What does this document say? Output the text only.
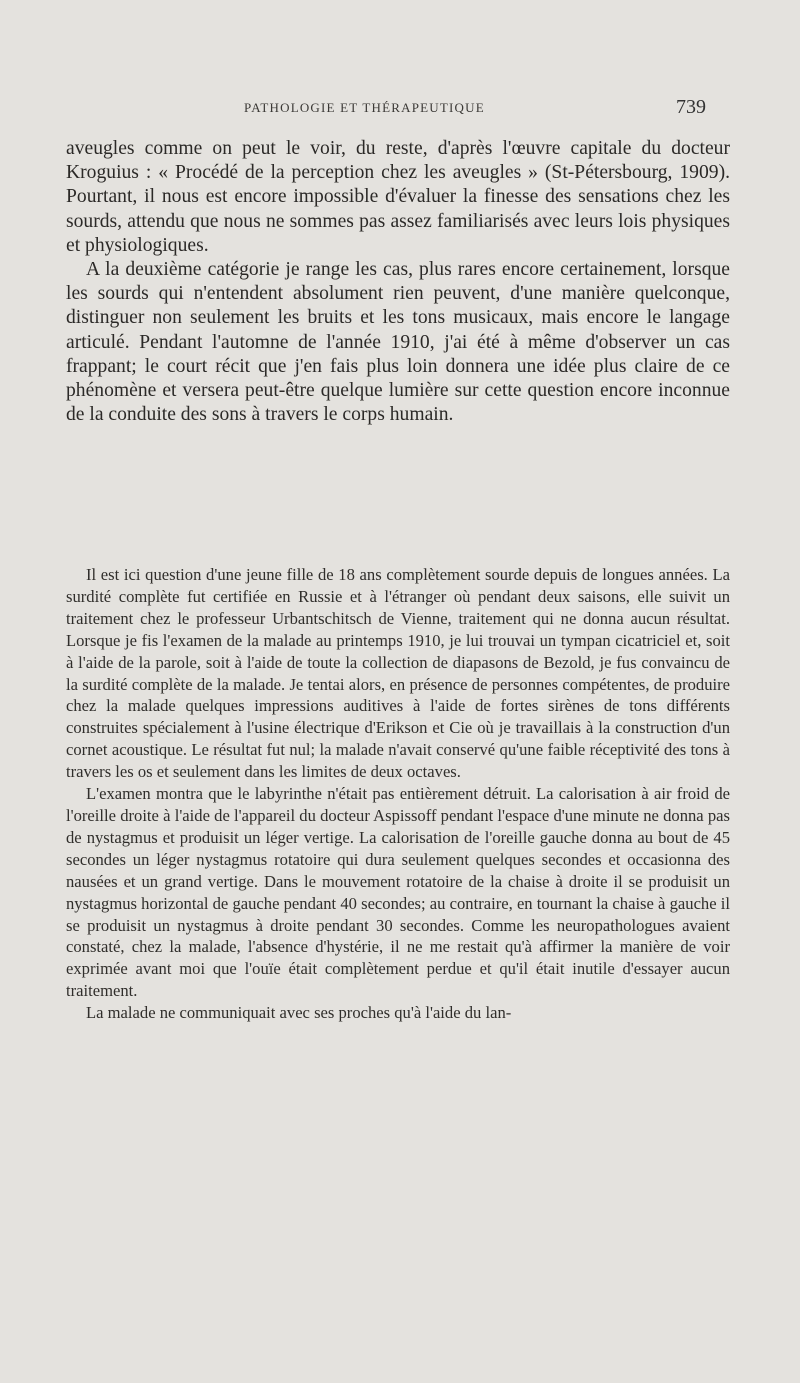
PATHOLOGIE ET THÉRAPEUTIQUE	739

aveugles comme on peut le voir, du reste, d'après l'œuvre capitale du docteur Kroguius : « Procédé de la perception chez les aveugles » (St-Pétersbourg, 1909). Pourtant, il nous est encore impossible d'évaluer la finesse des sensations chez les sourds, attendu que nous ne sommes pas assez familiarisés avec leurs lois physiques et physiologiques.

A la deuxième catégorie je range les cas, plus rares encore certainement, lorsque les sourds qui n'entendent absolument rien peuvent, d'une manière quelconque, distinguer non seulement les bruits et les tons musicaux, mais encore le langage articulé. Pendant l'automne de l'année 1910, j'ai été à même d'observer un cas frappant; le court récit que j'en fais plus loin donnera une idée plus claire de ce phénomène et versera peut-être quelque lumière sur cette question encore inconnue de la conduite des sons à travers le corps humain.

Il est ici question d'une jeune fille de 18 ans complètement sourde depuis de longues années. La surdité complète fut certifiée en Russie et à l'étranger où pendant deux saisons, elle suivit un traitement chez le professeur Urbantschitsch de Vienne, traitement qui ne donna aucun résultat. Lorsque je fis l'examen de la malade au printemps 1910, je lui trouvai un tympan cicatriciel et, soit à l'aide de la parole, soit à l'aide de toute la collection de diapasons de Bezold, je fus convaincu de la surdité complète de la malade. Je tentai alors, en présence de personnes compétentes, de produire chez la malade quelques impressions auditives à l'aide de fortes sirènes de tons différents construites spécialement à l'usine électrique d'Erikson et Cie où je travaillais à la construction d'un cornet acoustique. Le résultat fut nul; la malade n'avait conservé qu'une faible réceptivité des tons à travers les os et seulement dans les limites de deux octaves.

L'examen montra que le labyrinthe n'était pas entièrement détruit. La calorisation à air froid de l'oreille droite à l'aide de l'appareil du docteur Aspissoff pendant l'espace d'une minute ne donna pas de nystagmus et produisit un léger vertige. La calorisation de l'oreille gauche donna au bout de 45 secondes un léger nystagmus rotatoire qui dura seulement quelques secondes et occasionna des nausées et un grand vertige. Dans le mouvement rotatoire de la chaise à droite il se produisit un nystagmus horizontal de gauche pendant 40 secondes; au contraire, en tournant la chaise à gauche il se produisit un nystagmus à droite pendant 30 secondes. Comme les neuropathologues avaient constaté, chez la malade, l'absence d'hystérie, il ne me restait qu'à affirmer la manière de voir exprimée avant moi que l'ouïe était complètement perdue et qu'il était inutile d'essayer aucun traitement.

La malade ne communiquait avec ses proches qu'à l'aide du lan-
